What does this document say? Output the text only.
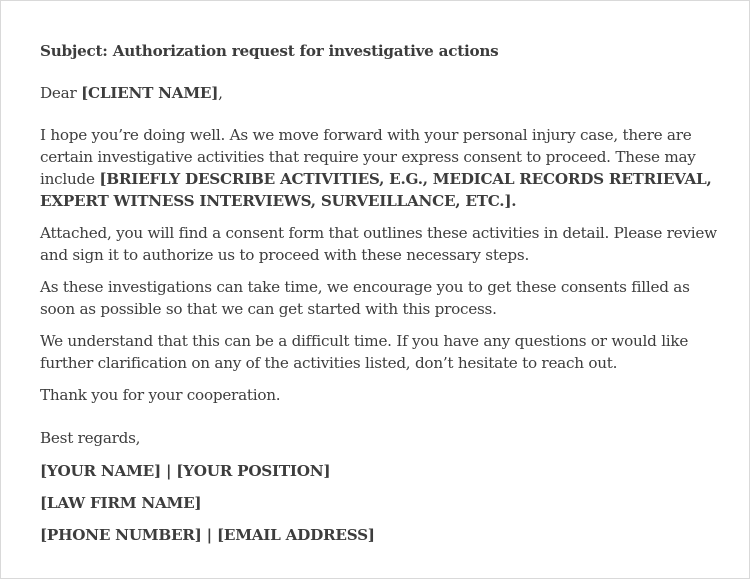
Subject: Authorization request for investigative actions

Dear [CLIENT NAME],

I hope you’re doing well. As we move forward with your personal injury case, there are certain investigative activities that require your express consent to proceed. These may include [BRIEFLY DESCRIBE ACTIVITIES, E.G., MEDICAL RECORDS RETRIEVAL, EXPERT WITNESS INTERVIEWS, SURVEILLANCE, ETC.].

Attached, you will find a consent form that outlines these activities in detail. Please review and sign it to authorize us to proceed with these necessary steps.

As these investigations can take time, we encourage you to get these consents filled as soon as possible so that we can get started with this process.

We understand that this can be a difficult time. If you have any questions or would like further clarification on any of the activities listed, don’t hesitate to reach out.

Thank you for your cooperation.

Best regards,

[YOUR NAME] | [YOUR POSITION]

[LAW FIRM NAME]

[PHONE NUMBER] | [EMAIL ADDRESS]
